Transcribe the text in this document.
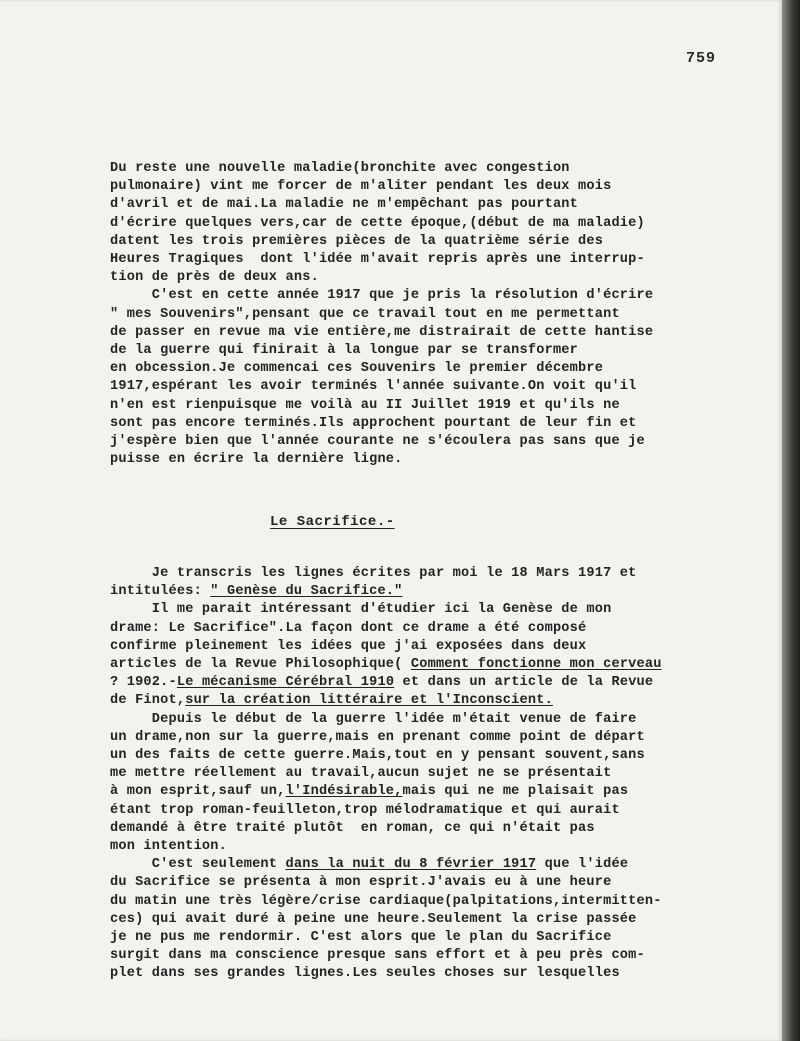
759

Du reste une nouvelle maladie(bronchite avec congestion

pulmonaire) vint me forcer de m'aliter pendant les deux mois

d'avril et de mai.La maladie ne m'empêchant pas pourtant

d'écrire quelques vers,car de cette époque,(début de ma maladie)

datent les trois premières pièces de la quatrième série des

Heures Tragiques  dont l'idée m'avait repris après une interrup-

tion de près de deux ans.

C'est en cette année 1917 que je pris la résolution d'écrire

" mes Souvenirs",pensant que ce travail tout en me permettant

de passer en revue ma vie entière,me distrairait de cette hantise

de la guerre qui finirait à la longue par se transformer

en obcession.Je commencai ces Souvenirs le premier décembre

1917,espérant les avoir terminés l'année suivante.On voit qu'il

n'en est rienpuisque me voilà au II Juillet 1919 et qu'ils ne

sont pas encore terminés.Ils approchent pourtant de leur fin et

j'espère bien que l'année courante ne s'écoulera pas sans que je

puisse en écrire la dernière ligne.

Le Sacrifice.-

Je transcris les lignes écrites par moi le 18 Mars 1917 et

intitulées: " Genèse du Sacrifice."

Il me parait intéressant d'étudier ici la Genèse de mon

drame: Le Sacrifice".La façon dont ce drame a été composé

confirme pleinement les idées que j'ai exposées dans deux

articles de la Revue Philosophique( Comment fonctionne mon cerveau

? 1902.-Le mécanisme Cérébral 1910 et dans un article de la Revue

de Finot,sur la création littéraire et l'Inconscient.

Depuis le début de la guerre l'idée m'était venue de faire

un drame,non sur la guerre,mais en prenant comme point de départ

un des faits de cette guerre.Mais,tout en y pensant souvent,sans

me mettre réellement au travail,aucun sujet ne se présentait

à mon esprit,sauf un,l'Indésirable,mais qui ne me plaisait pas

étant trop roman-feuilleton,trop mélodramatique et qui aurait

demandé à être traité plutôt  en roman, ce qui n'était pas

mon intention.

C'est seulement dans la nuit du 8 février 1917 que l'idée

du Sacrifice se présenta à mon esprit.J'avais eu à une heure

du matin une très légère/crise cardiaque(palpitations,intermitten-

ces) qui avait duré à peine une heure.Seulement la crise passée

je ne pus me rendormir. C'est alors que le plan du Sacrifice

surgit dans ma conscience presque sans effort et à peu près com-

plet dans ses grandes lignes.Les seules choses sur lesquelles
